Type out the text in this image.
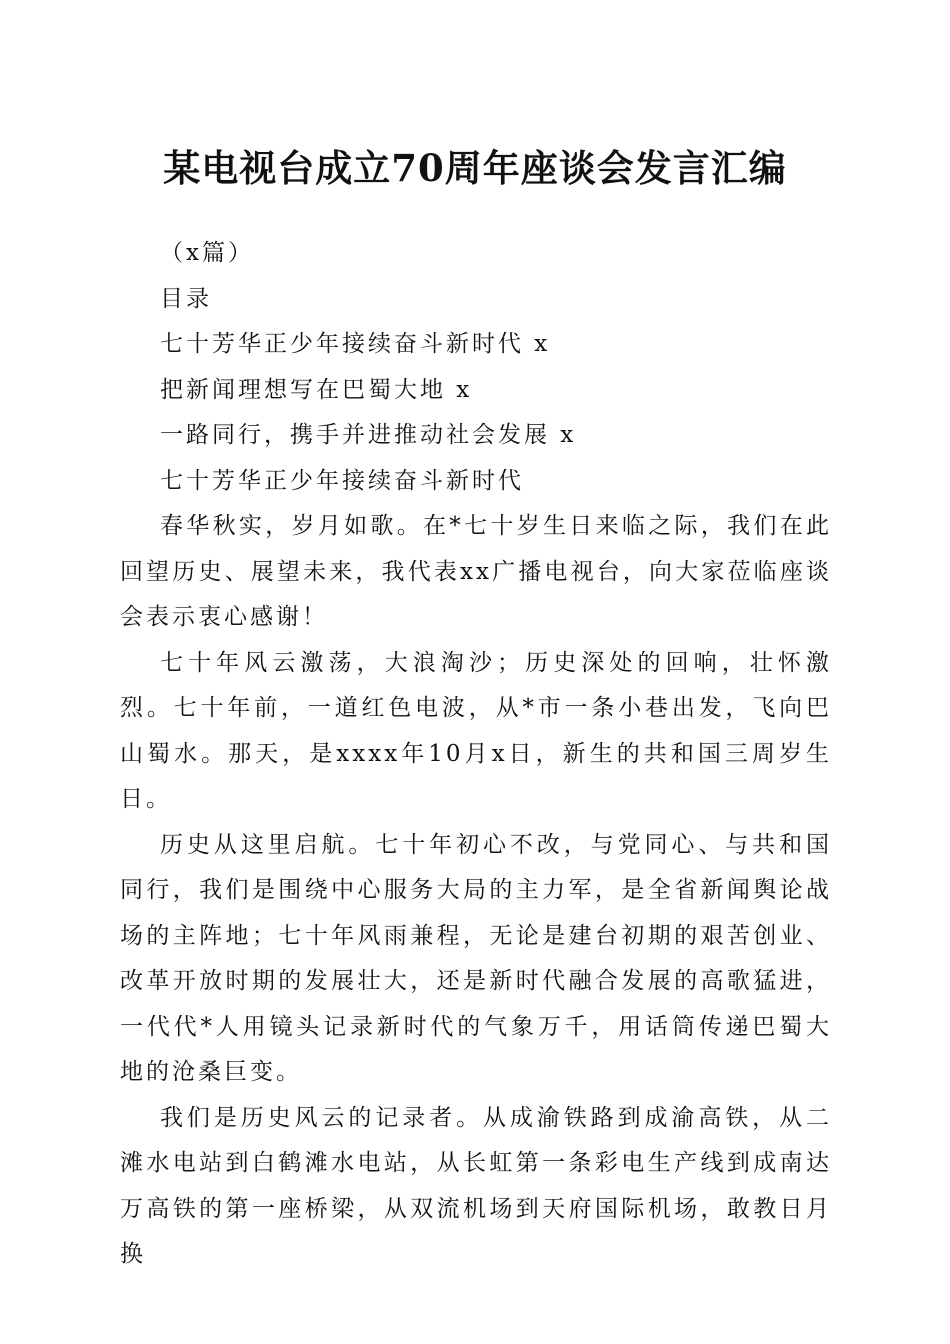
某电视台成立70周年座谈会发言汇编

（x篇）

目录

七十芳华正少年接续奋斗新时代 x

把新闻理想写在巴蜀大地 x

一路同行，携手并进推动社会发展 x

七十芳华正少年接续奋斗新时代

春华秋实，岁月如歌。在*七十岁生日来临之际，我们在此回望历史、展望未来，我代表xx广播电视台，向大家莅临座谈会表示衷心感谢！

七十年风云激荡，大浪淘沙；历史深处的回响，壮怀激烈。七十年前，一道红色电波，从*市一条小巷出发，飞向巴山蜀水。那天，是xxxx年10月x日，新生的共和国三周岁生日。

历史从这里启航。七十年初心不改，与党同心、与共和国同行，我们是围绕中心服务大局的主力军，是全省新闻舆论战场的主阵地；七十年风雨兼程，无论是建台初期的艰苦创业、改革开放时期的发展壮大，还是新时代融合发展的高歌猛进，一代代*人用镜头记录新时代的气象万千，用话筒传递巴蜀大地的沧桑巨变。

我们是历史风云的记录者。从成渝铁路到成渝高铁，从二滩水电站到白鹤滩水电站，从长虹第一条彩电生产线到成南达万高铁的第一座桥梁，从双流机场到天府国际机场，敢教日月换
